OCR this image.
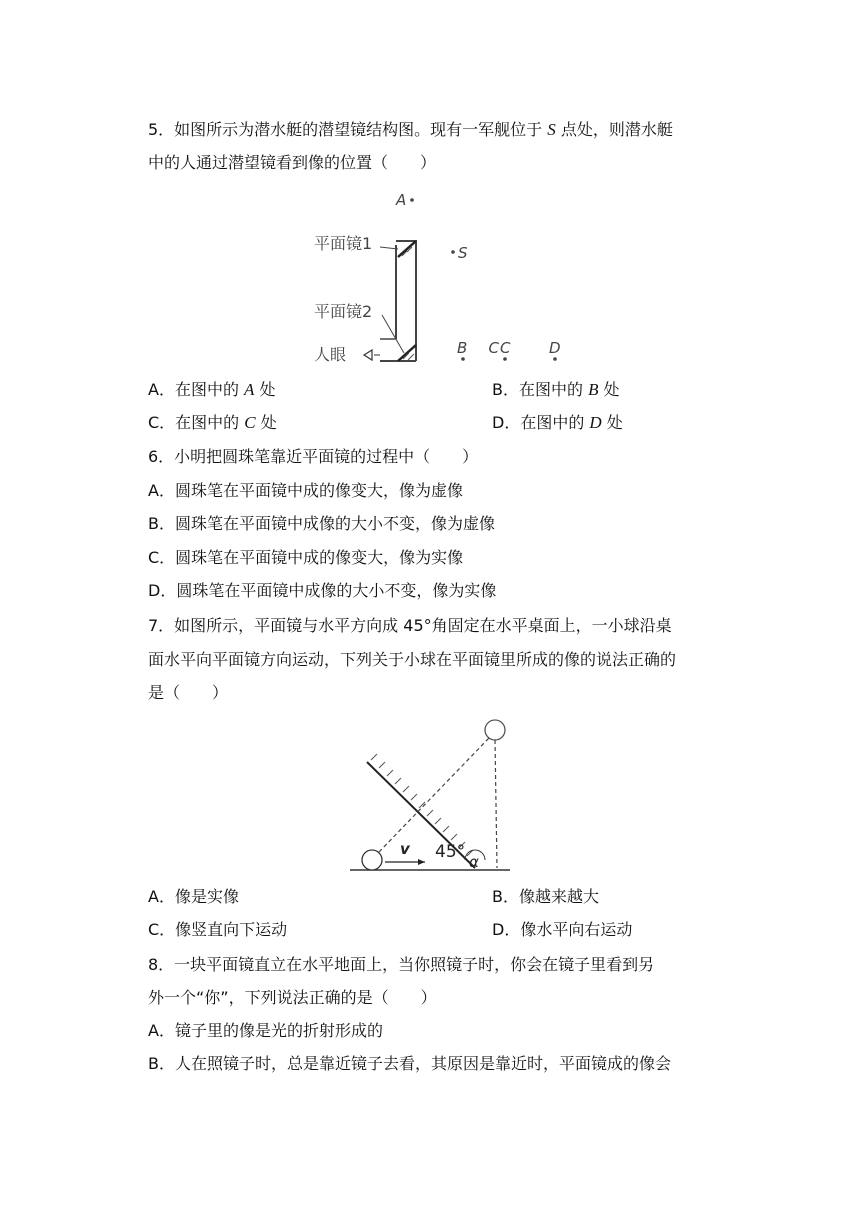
5．如图所示为潜水艇的潜望镜结构图。现有一军舰位于 S 点处，则潜水艇
中的人通过潜望镜看到像的位置（　　）
A
平面镜1	S
平面镜2
人眼	B C C	D
A．在图中的 A 处	B．在图中的 B 处
C．在图中的 C 处	D．在图中的 D 处
6．小明把圆珠笔靠近平面镜的过程中（　　）
A．圆珠笔在平面镜中成的像变大，像为虚像
B．圆珠笔在平面镜中成像的大小不变，像为虚像
C．圆珠笔在平面镜中成的像变大，像为实像
D．圆珠笔在平面镜中成像的大小不变，像为实像
7．如图所示，平面镜与水平方向成 45°角固定在水平桌面上，一小球沿桌
面水平向平面镜方向运动，下列关于小球在平面镜里所成的像的说法正确的
是（　　）
v 45° α
A．像是实像	B．像越来越大
C．像竖直向下运动	D．像水平向右运动
8．一块平面镜直立在水平地面上，当你照镜子时，你会在镜子里看到另
外一个“你”，下列说法正确的是（　　）
A．镜子里的像是光的折射形成的
B．人在照镜子时，总是靠近镜子去看，其原因是靠近时，平面镜成的像会
